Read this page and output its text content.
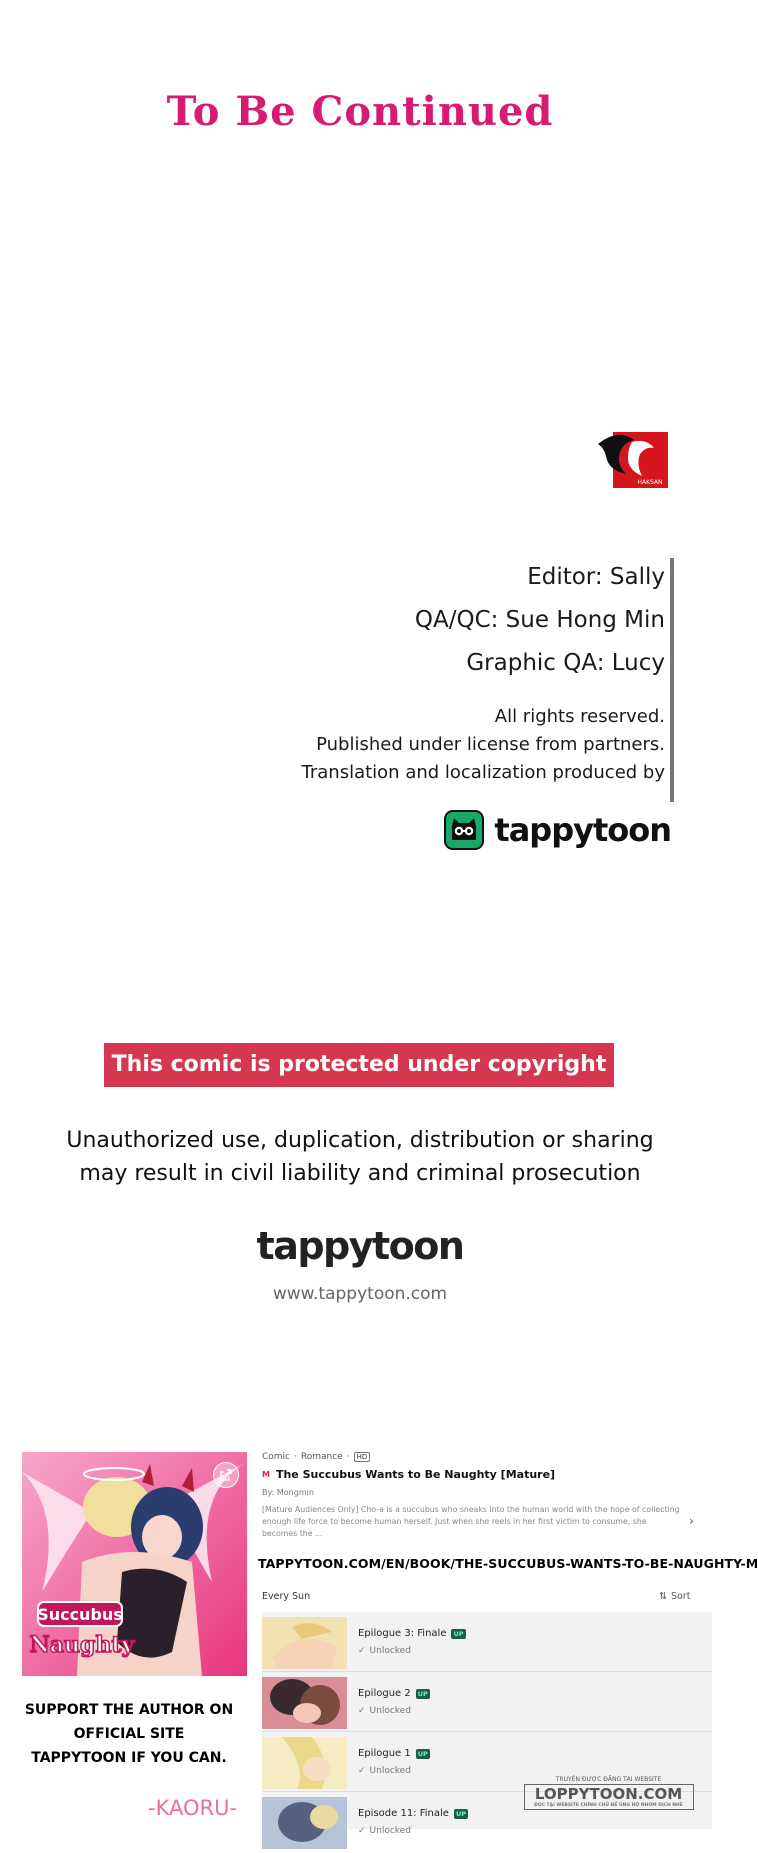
To Be Continued
HAKSAN
Editor: Sally
QA/QC: Sue Hong Min
Graphic QA: Lucy
All rights reserved.
Published under license from partners.
Translation and localization produced by
tappytoon
This comic is protected under copyright law
Unauthorized use, duplication, distribution or sharing
may result in civil liability and criminal prosecution
tappytoon
www.tappytoon.com
Succubus
Naughty
SUPPORT THE AUTHOR ON OFFICIAL SITE
TAPPYTOON IF YOU CAN.
-KAORU-
Comic · Romance ·	HD
M The Succubus Wants to Be Naughty [Mature]
By: Mongmin
[Mature Audiences Only] Cho-a is a succubus who sneaks into the human world with the hope of collecting enough life force to become human herself. Just when she reels in her first victim to consume, she becomes the ...
›
TAPPYTOON.COM/EN/BOOK/THE-SUCCUBUS-WANTS-TO-BE-NAUGHTY-M
Every Sun	⇅ Sort
Epilogue 3: Finale	UP
✓ Unlocked
Epilogue 2	UP
✓ Unlocked
Epilogue 1	UP
✓ Unlocked
Episode 11: Finale	UP
✓ Unlocked
TRUYỆN ĐƯỢC ĐĂNG TẠI WEBSITE
LOPPYTOON.COM
ĐỌC TẠI WEBSITE CHÍNH CHỦ ĐỂ ỦNG HỘ NHÓM DỊCH NHÉ
